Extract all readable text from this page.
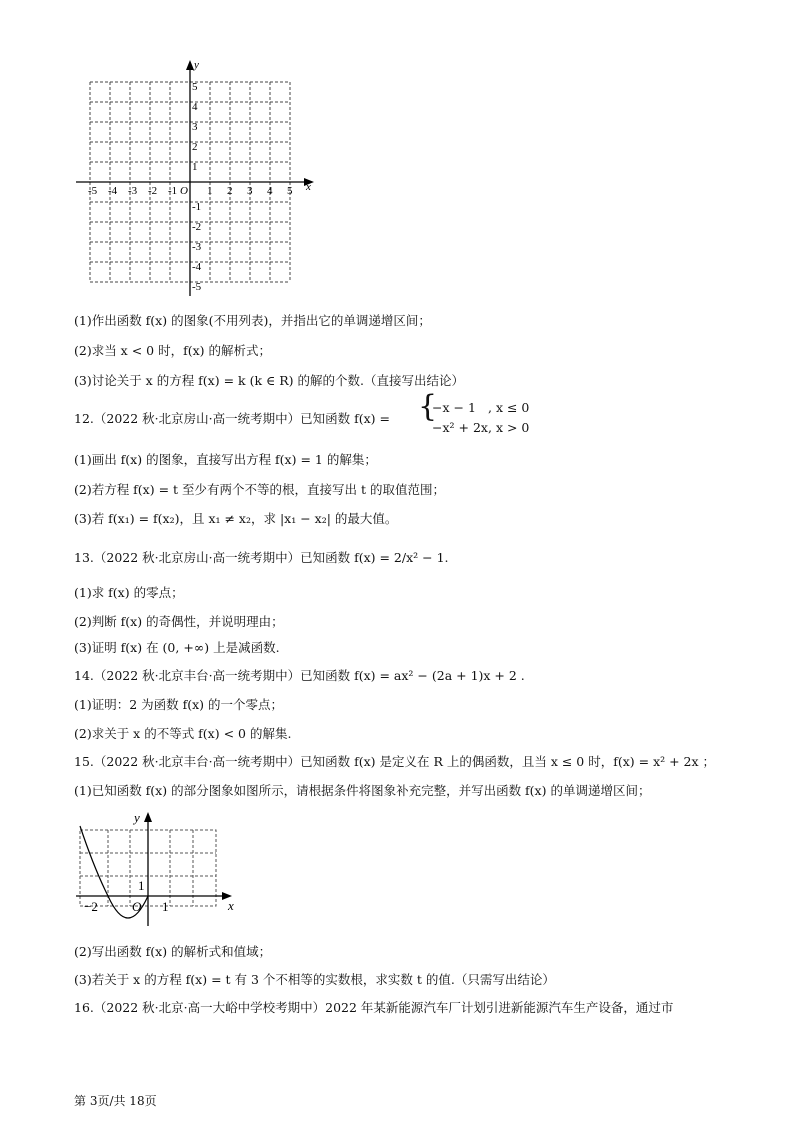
y
x
O
-5 -4 -3 -2 -1	1 2 3 4 5
5
4
3
2
1
-1
-2
-3
-4
-5
(1)作出函数 f(x) 的图象(不用列表)，并指出它的单调递增区间；
(2)求当 x < 0 时，f(x) 的解析式；
(3)讨论关于 x 的方程 f(x) = k (k ∈ R) 的解的个数.（直接写出结论）
12.（2022 秋·北京房山·高一统考期中）已知函数 f(x) = {
−x − 1 , x ≤ 0
−x² + 2x , x > 0
(1)画出 f(x) 的图象，直接写出方程 f(x) = 1 的解集；
(2)若方程 f(x) = t 至少有两个不等的根，直接写出 t 的取值范围；
(3)若 f(x₁) = f(x₂)，且 x₁ ≠ x₂，求 |x₁ − x₂| 的最大值。
13.（2022 秋·北京房山·高一统考期中）已知函数 f(x) = 2/x² − 1.
(1)求 f(x) 的零点；
(2)判断 f(x) 的奇偶性，并说明理由；
(3)证明 f(x) 在 (0, +∞) 上是减函数.
14.（2022 秋·北京丰台·高一统考期中）已知函数 f(x) = ax² − (2a + 1)x + 2 .
(1)证明：2 为函数 f(x) 的一个零点；
(2)求关于 x 的不等式 f(x) < 0 的解集.
15.（2022 秋·北京丰台·高一统考期中）已知函数 f(x) 是定义在 R 上的偶函数，且当 x ≤ 0 时，f(x) = x² + 2x ；
(1)已知函数 f(x) 的部分图象如图所示，请根据条件将图象补充完整，并写出函数 f(x) 的单调递增区间；
y
x
−2	O 1
1
(2)写出函数 f(x) 的解析式和值域；
(3)若关于 x 的方程 f(x) = t 有 3 个不相等的实数根，求实数 t 的值.（只需写出结论）
16.（2022 秋·北京·高一大峪中学校考期中）2022 年某新能源汽车厂计划引进新能源汽车生产设备，通过市
第 3页/共 18页
